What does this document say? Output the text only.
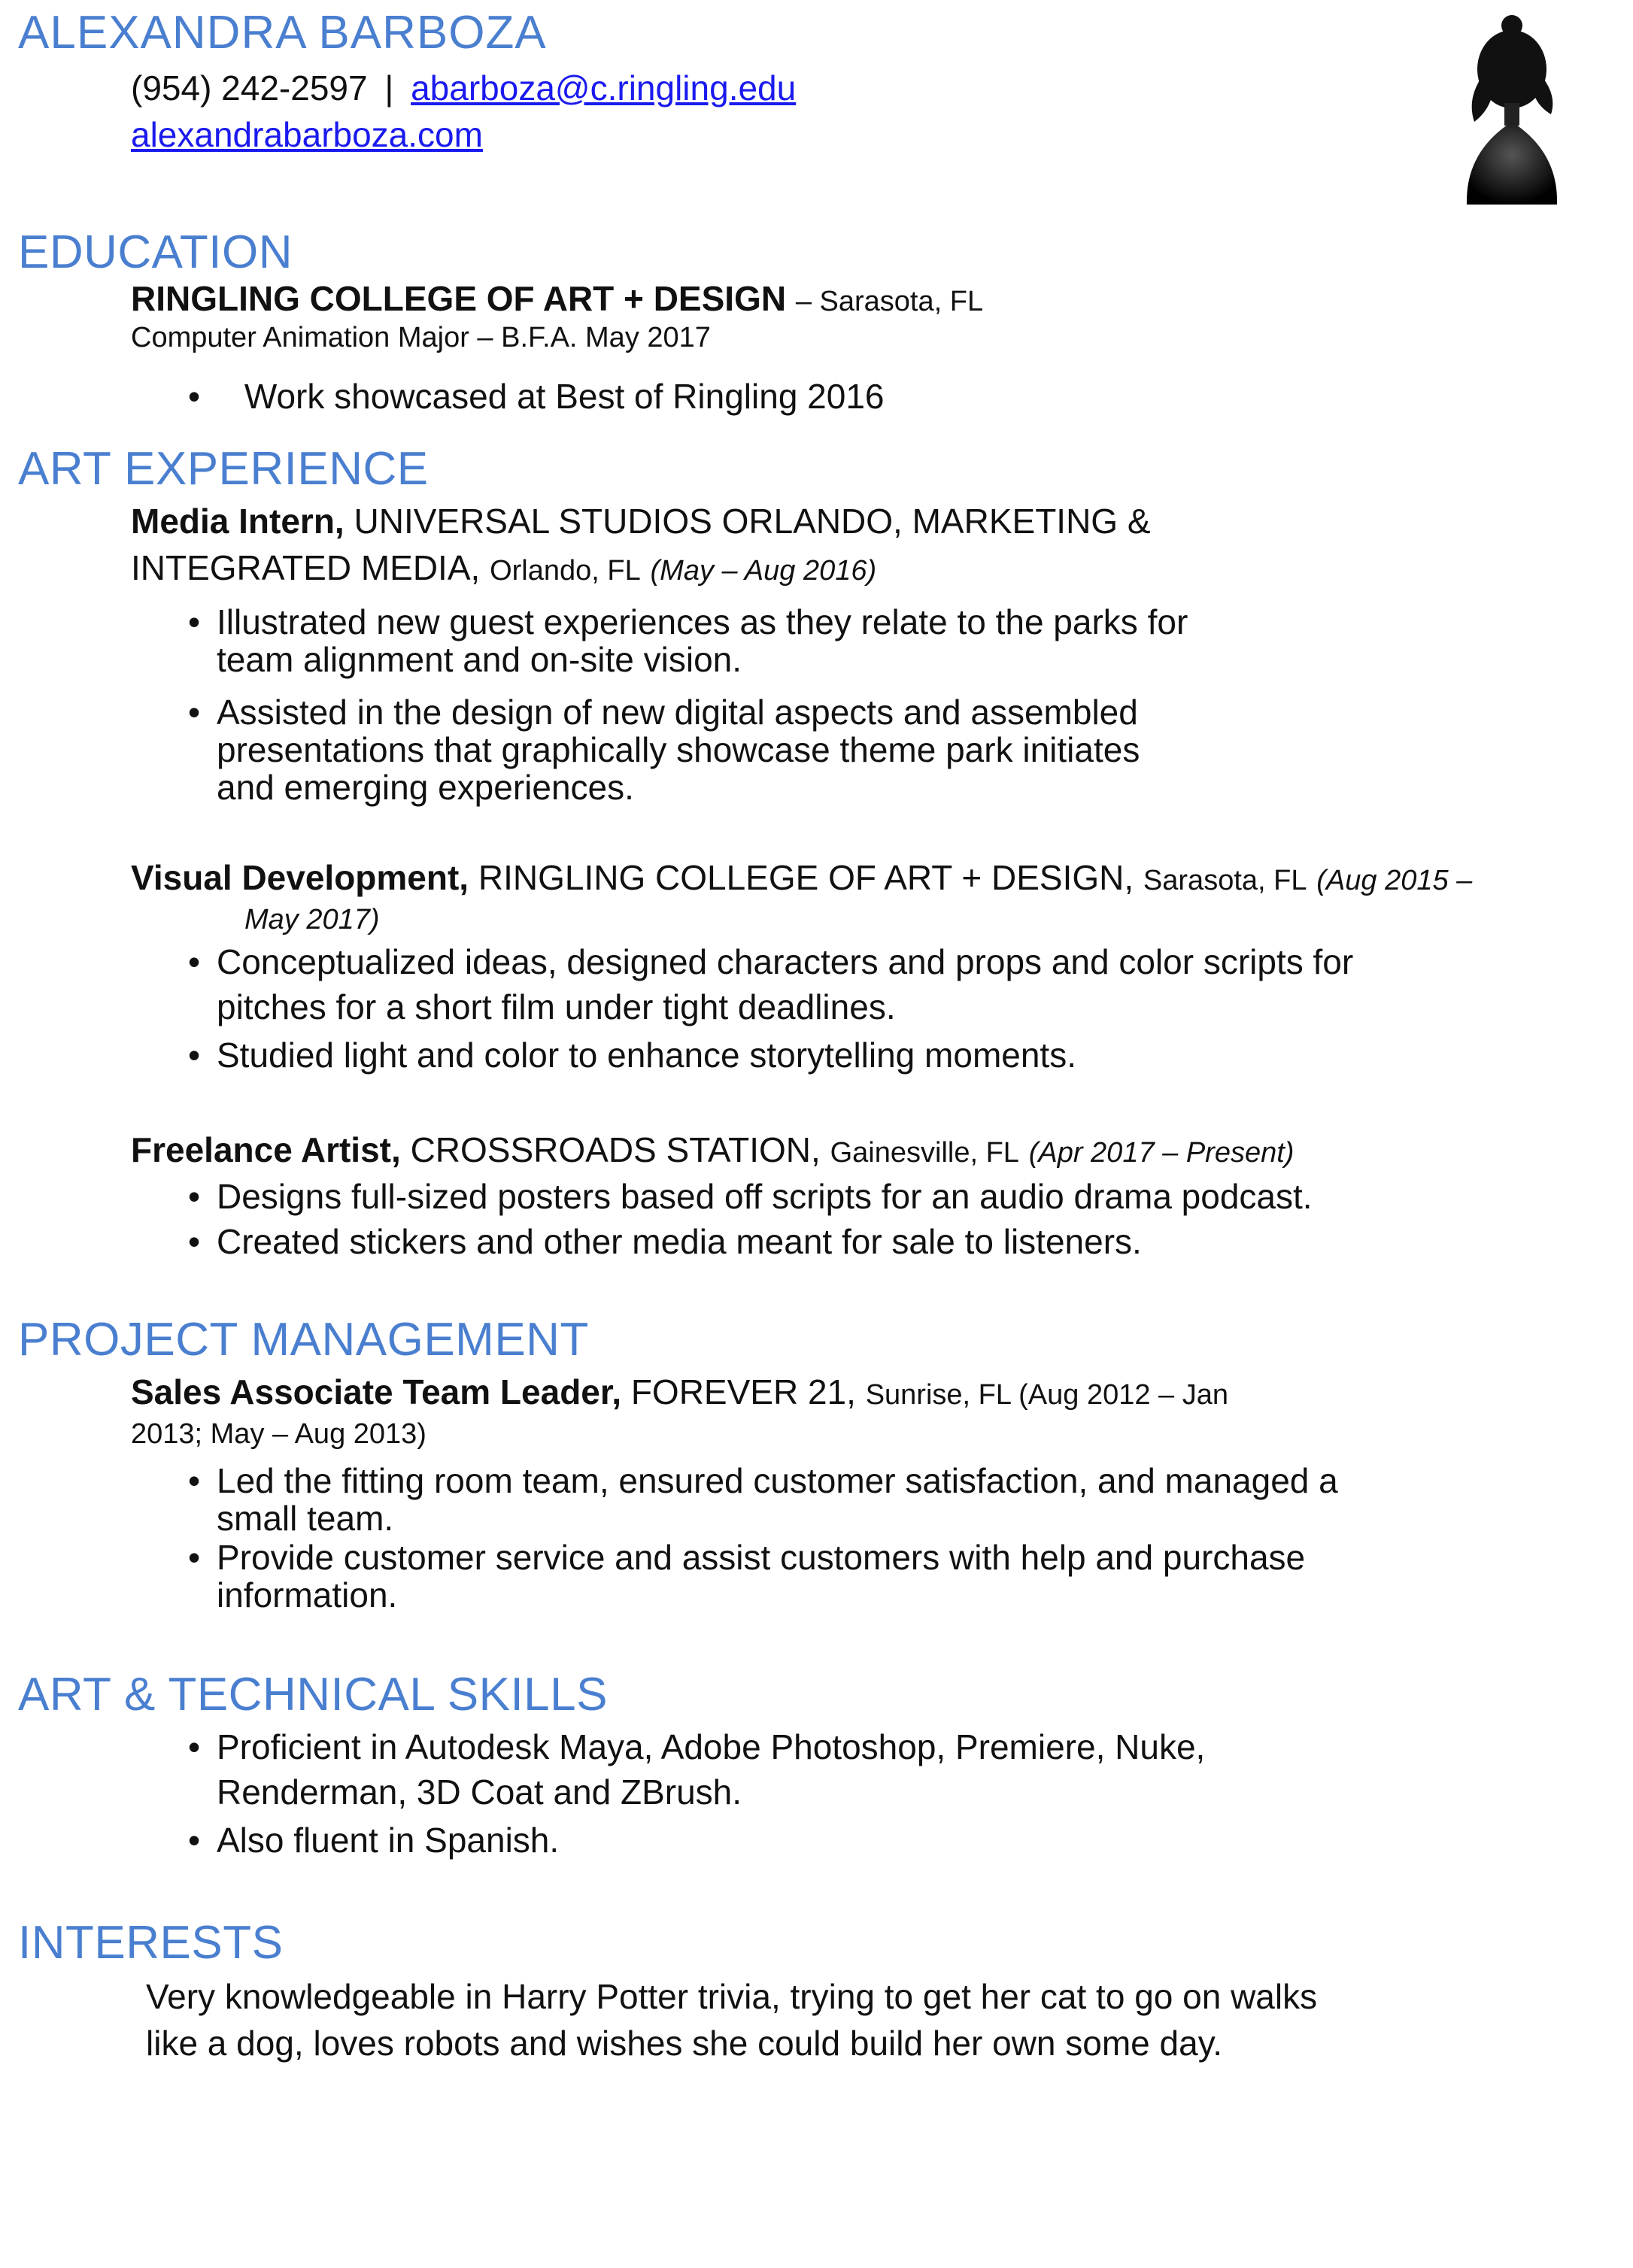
ALEXANDRA BARBOZA
(954) 242-2597 | abarboza@c.ringling.edu
alexandrabarboza.com
EDUCATION
RINGLING COLLEGE OF ART + DESIGN – Sarasota, FL
Computer Animation Major – B.F.A. May 2017
• Work showcased at Best of Ringling 2016
ART EXPERIENCE
Media Intern, UNIVERSAL STUDIOS ORLANDO, MARKETING &
INTEGRATED MEDIA, Orlando, FL (May – Aug 2016)
• Illustrated new guest experiences as they relate to the parks for
team alignment and on-site vision.
• Assisted in the design of new digital aspects and assembled
presentations that graphically showcase theme park initiates
and emerging experiences.
Visual Development, RINGLING COLLEGE OF ART + DESIGN, Sarasota, FL (Aug 2015 –
May 2017)
• Conceptualized ideas, designed characters and props and color scripts for
pitches for a short film under tight deadlines.
• Studied light and color to enhance storytelling moments.
Freelance Artist, CROSSROADS STATION, Gainesville, FL (Apr 2017 – Present)
• Designs full-sized posters based off scripts for an audio drama podcast.
• Created stickers and other media meant for sale to listeners.
PROJECT MANAGEMENT
Sales Associate Team Leader, FOREVER 21, Sunrise, FL (Aug 2012 – Jan
2013; May – Aug 2013)
• Led the fitting room team, ensured customer satisfaction, and managed a
small team.
• Provide customer service and assist customers with help and purchase
information.
ART & TECHNICAL SKILLS
• Proficient in Autodesk Maya, Adobe Photoshop, Premiere, Nuke,
Renderman, 3D Coat and ZBrush.
• Also fluent in Spanish.
INTERESTS
Very knowledgeable in Harry Potter trivia, trying to get her cat to go on walks
like a dog, loves robots and wishes she could build her own some day.
